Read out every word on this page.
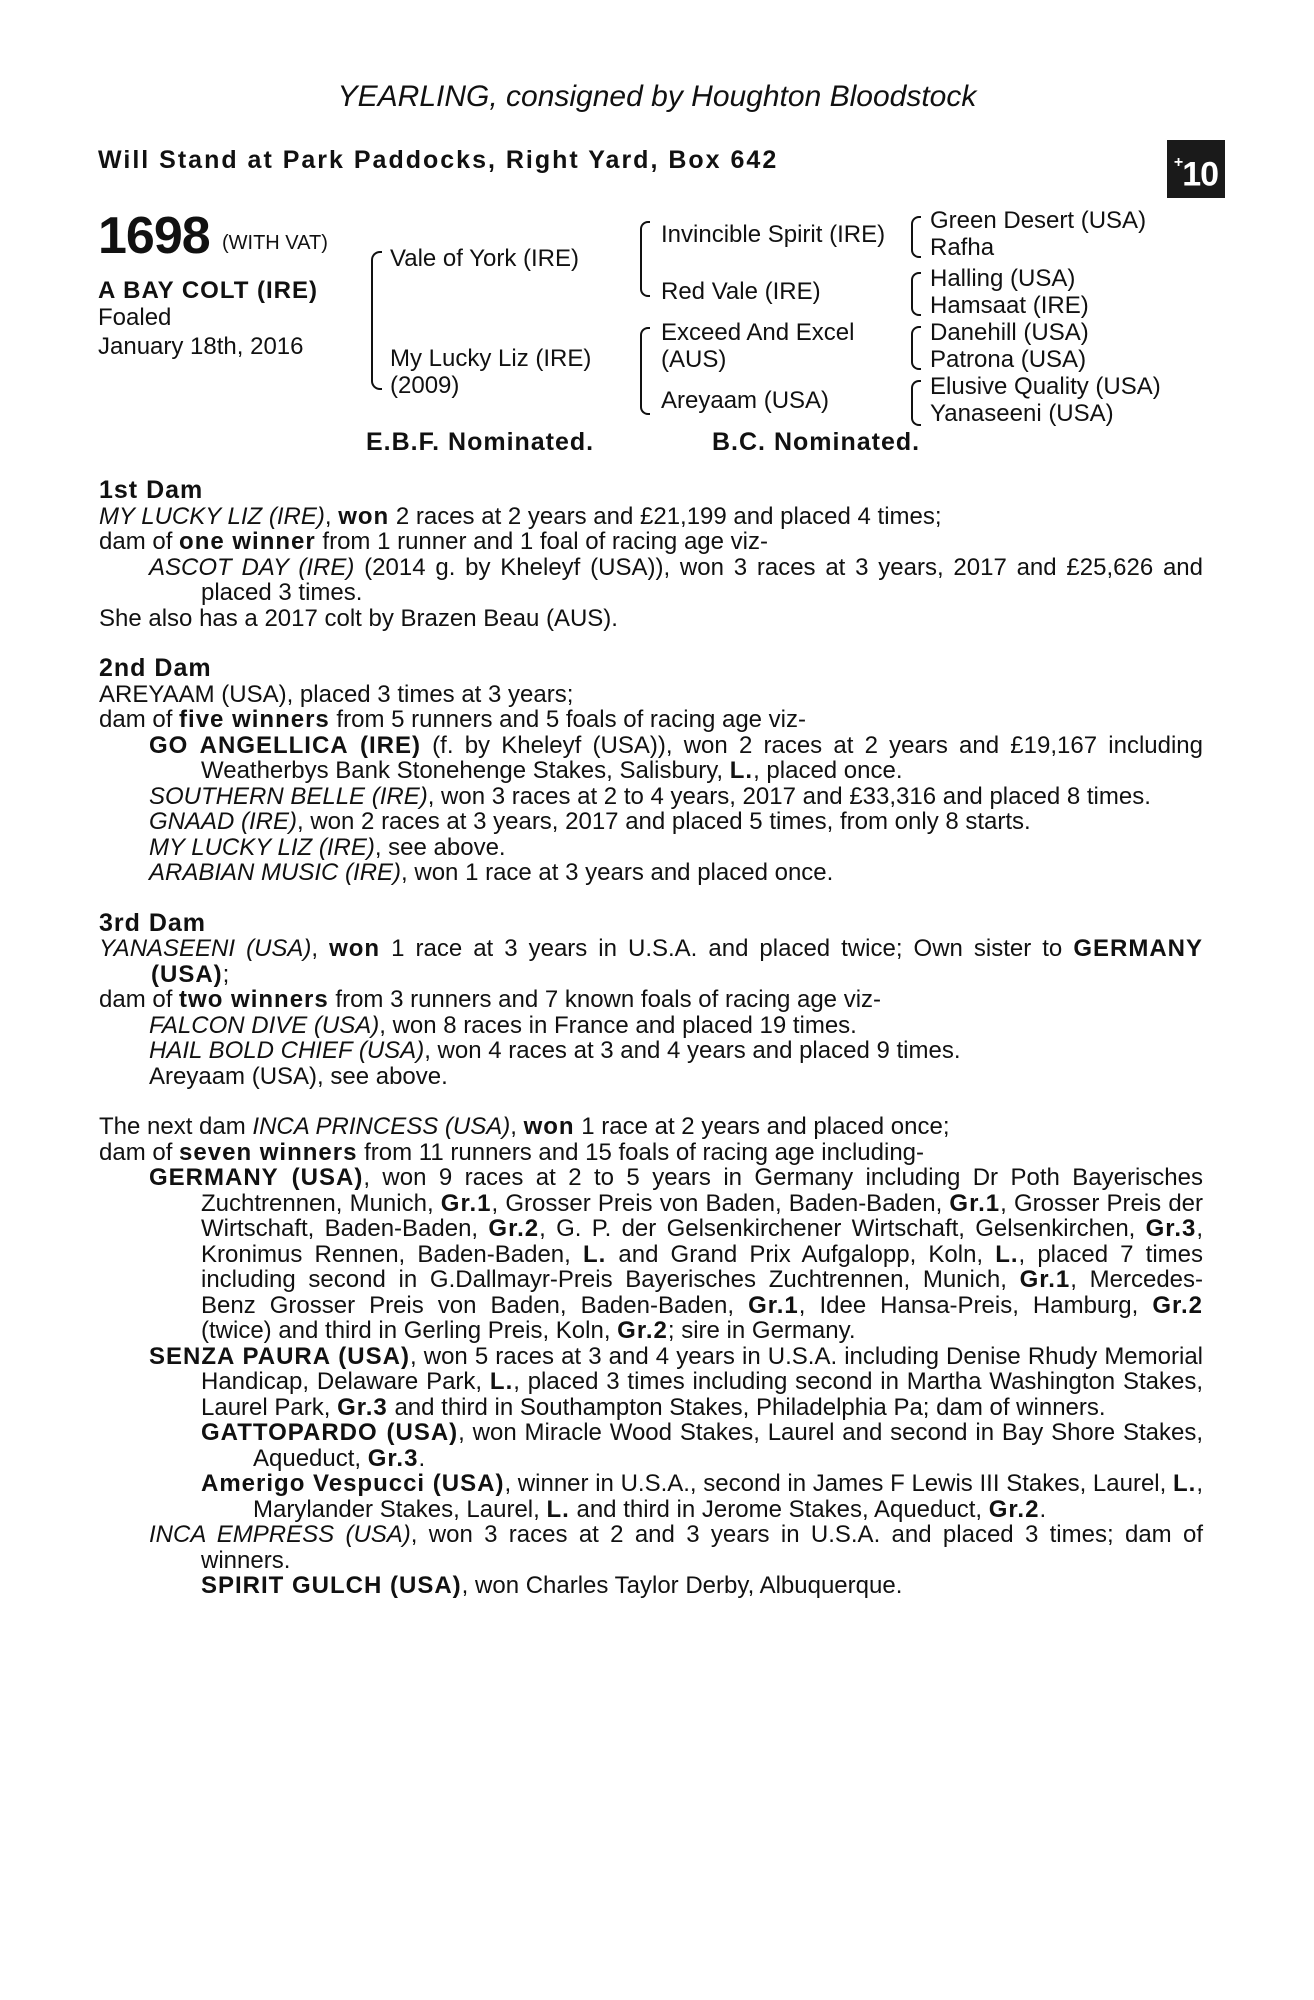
YEARLING, consigned by Houghton Bloodstock
Will Stand at Park Paddocks, Right Yard, Box 642	+10
1698 (WITH VAT)
A BAY COLT (IRE)
Foaled
January 18th, 2016
Vale of York (IRE)
My Lucky Liz (IRE)
(2009)
Invincible Spirit (IRE)
Red Vale (IRE)
Exceed And Excel
(AUS)
Areyaam (USA)
Green Desert (USA)
Rafha
Halling (USA)
Hamsaat (IRE)
Danehill (USA)
Patrona (USA)
Elusive Quality (USA)
Yanaseeni (USA)
E.B.F. Nominated.	B.C. Nominated.

1st Dam

MY LUCKY LIZ (IRE), won 2 races at 2 years and £21,199 and placed 4 times;

dam of one winner from 1 runner and 1 foal of racing age viz-

ASCOT DAY (IRE) (2014 g. by Kheleyf (USA)), won 3 races at 3 years, 2017 and £25,626 and placed 3 times.

She also has a 2017 colt by Brazen Beau (AUS).

2nd Dam

AREYAAM (USA), placed 3 times at 3 years;

dam of five winners from 5 runners and 5 foals of racing age viz-

GO ANGELLICA (IRE) (f. by Kheleyf (USA)), won 2 races at 2 years and £19,167 including Weatherbys Bank Stonehenge Stakes, Salisbury, L., placed once.

SOUTHERN BELLE (IRE), won 3 races at 2 to 4 years, 2017 and £33,316 and placed 8 times.

GNAAD (IRE), won 2 races at 3 years, 2017 and placed 5 times, from only 8 starts.

MY LUCKY LIZ (IRE), see above.

ARABIAN MUSIC (IRE), won 1 race at 3 years and placed once.

3rd Dam

YANASEENI (USA), won 1 race at 3 years in U.S.A. and placed twice; Own sister to GERMANY (USA);

dam of two winners from 3 runners and 7 known foals of racing age viz-

FALCON DIVE (USA), won 8 races in France and placed 19 times.

HAIL BOLD CHIEF (USA), won 4 races at 3 and 4 years and placed 9 times.

Areyaam (USA), see above.

The next dam INCA PRINCESS (USA), won 1 race at 2 years and placed once;

dam of seven winners from 11 runners and 15 foals of racing age including-

GERMANY (USA), won 9 races at 2 to 5 years in Germany including Dr Poth Bayerisches Zuchtrennen, Munich, Gr.1, Grosser Preis von Baden, Baden-Baden, Gr.1, Grosser Preis der Wirtschaft, Baden-Baden, Gr.2, G. P. der Gelsenkirchener Wirtschaft, Gelsenkirchen, Gr.3, Kronimus Rennen, Baden-Baden, L. and Grand Prix Aufgalopp, Koln, L., placed 7 times including second in G.Dallmayr-Preis Bayerisches Zuchtrennen, Munich, Gr.1, Mercedes-Benz Grosser Preis von Baden, Baden-Baden, Gr.1, Idee Hansa-Preis, Hamburg, Gr.2 (twice) and third in Gerling Preis, Koln, Gr.2; sire in Germany.

SENZA PAURA (USA), won 5 races at 3 and 4 years in U.S.A. including Denise Rhudy Memorial Handicap, Delaware Park, L., placed 3 times including second in Martha Washington Stakes, Laurel Park, Gr.3 and third in Southampton Stakes, Philadelphia Pa; dam of winners.

GATTOPARDO (USA), won Miracle Wood Stakes, Laurel and second in Bay Shore Stakes, Aqueduct, Gr.3.

Amerigo Vespucci (USA), winner in U.S.A., second in James F Lewis III Stakes, Laurel, L., Marylander Stakes, Laurel, L. and third in Jerome Stakes, Aqueduct, Gr.2.

INCA EMPRESS (USA), won 3 races at 2 and 3 years in U.S.A. and placed 3 times; dam of winners.

SPIRIT GULCH (USA), won Charles Taylor Derby, Albuquerque.
